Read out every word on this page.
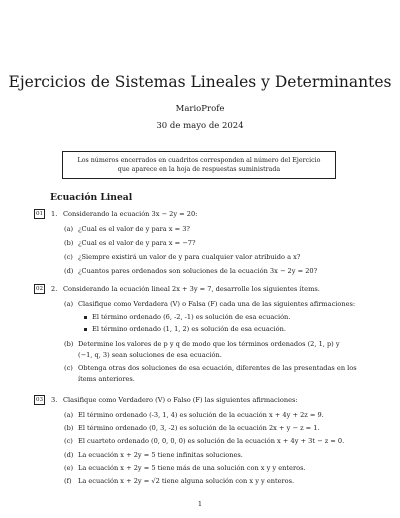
Ejercicios de Sistemas Lineales y Determinantes
MarioProfe
30 de mayo de 2024
Los números encerrados en cuadritos corresponden al número del Ejercicio
que aparece en la hoja de respuestas suministrada
Ecuación Lineal
01 1. Considerando la ecuación 3x − 2y = 20:
(a) ¿Cual es el valor de y para x = 3?
(b) ¿Cual es el valor de y para x = −7?
(c) ¿Siempre existirá un valor de y para cualquier valor atribuido a x?
(d) ¿Cuantos pares ordenados son soluciones de la ecuación 3x − 2y = 20?
02 2. Considerando la ecuación lineal 2x + 3y = 7, desarrolle los siguientes ítems.
(a) Clasifique como Verdadera (V) o Falsa (F) cada una de las siguientes afirmaciones:
El término ordenado (6, -2, -1) es solución de esa ecuación.
El término ordenado (1, 1, 2) es solución de esa ecuación.
(b) Determine los valores de p y q de modo que los términos ordenados (2, 1, p) y
(−1, q, 3) sean soluciones de esa ecuación.
(c) Obtenga otras dos soluciones de esa ecuación, diferentes de las presentadas en los
ítems anteriores.
03 3. Clasifique como Verdadero (V) o Falso (F) las siguientes afirmaciones:
(a) El término ordenado (-3, 1, 4) es solución de la ecuación x + 4y + 2z = 9.
(b) El término ordenado (0, 3, -2) es solución de la ecuación 2x + y − z = 1.
(c) El cuarteto ordenado (0, 0, 0, 0) es solución de la ecuación x + 4y + 3t − z = 0.
(d) La ecuación x + 2y = 5 tiene infinitas soluciones.
(e) La ecuación x + 2y = 5 tiene más de una solución con x y y enteros.
(f) La ecuación x + 2y = √2 tiene alguna solución con x y y enteros.
1
